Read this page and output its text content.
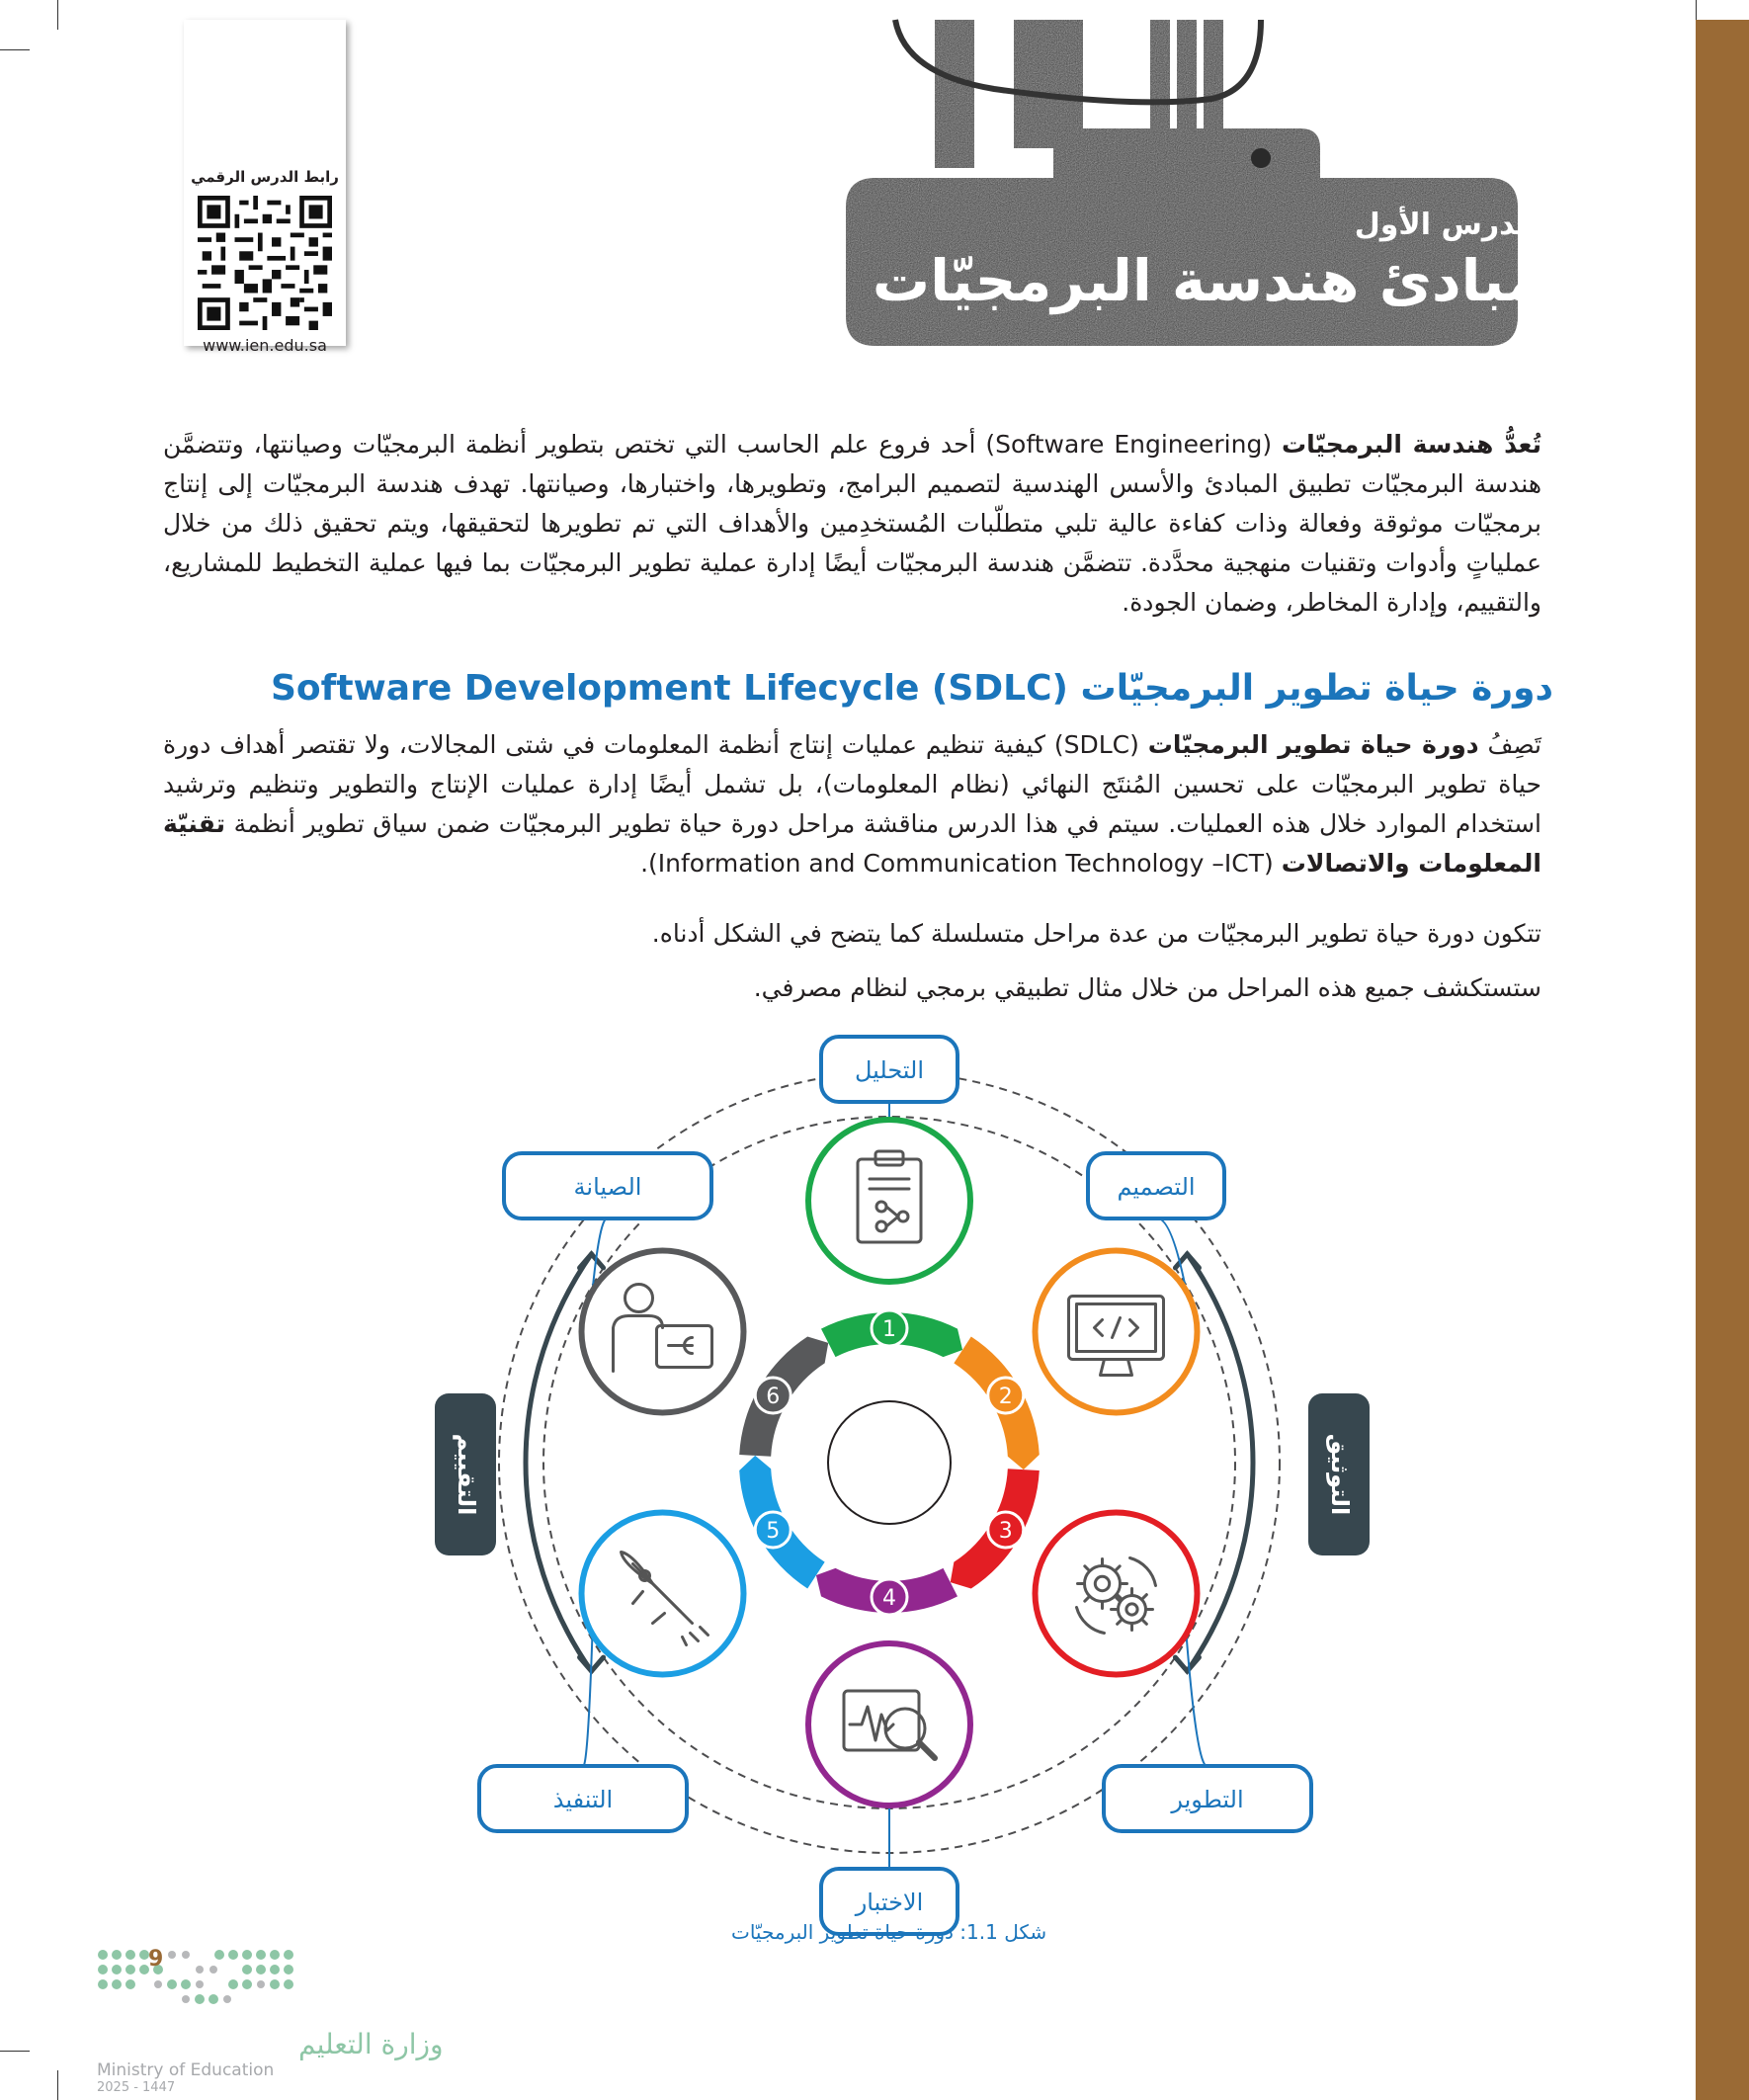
رابط الدرس الرقمي
www.ien.edu.sa
الدرس الأول
مبادئ هندسة البرمجيّات

تُعدُّ هندسة البرمجيّات (Software Engineering) أحد فروع علم الحاسب التي تختص بتطوير أنظمة البرمجيّات وصيانتها، وتتضمَّن هندسة البرمجيّات تطبيق المبادئ والأسس الهندسية لتصميم البرامج، وتطويرها، واختبارها، وصيانتها. تهدف هندسة البرمجيّات إلى إنتاج برمجيّات موثوقة وفعالة وذات كفاءة عالية تلبي متطلّبات المُستخدِمين والأهداف التي تم تطويرها لتحقيقها، ويتم تحقيق ذلك من خلال عملياتٍ وأدوات وتقنيات منهجية محدَّدة. تتضمَّن هندسة البرمجيّات أيضًا إدارة عملية تطوير البرمجيّات بما فيها عملية التخطيط للمشاريع، والتقييم، وإدارة المخاطر، وضمان الجودة.

دورة حياة تطوير البرمجيّات (Software Development Lifecycle (SDLC

تَصِفُ دورة حياة تطوير البرمجيّات (SDLC) كيفية تنظيم عمليات إنتاج أنظمة المعلومات في شتى المجالات، ولا تقتصر أهداف دورة حياة تطوير البرمجيّات على تحسين المُنتَج النهائي (نظام المعلومات)، بل تشمل أيضًا إدارة عمليات الإنتاج والتطوير وتنظيم وترشيد استخدام الموارد خلال هذه العمليات. سيتم في هذا الدرس مناقشة مراحل دورة حياة تطوير البرمجيّات ضمن سياق تطوير أنظمة تقنيّة المعلومات والاتصالات (Information and Communication Technology –ICT).

تتكون دورة حياة تطوير البرمجيّات من عدة مراحل متسلسلة كما يتضح في الشكل أدناه.
ستستكشف جميع هذه المراحل من خلال مثال تطبيقي برمجي لنظام مصرفي.
التقييم	التوثيق
1
2
3
4
5
6
التحليل
التصميم
التطوير
الاختبار
التنفيذ
الصيانة
شكل 1.1: دورة حياة تطوير البرمجيّات
وزارة التعليم
Ministry of Education
2025 - 1447
9
